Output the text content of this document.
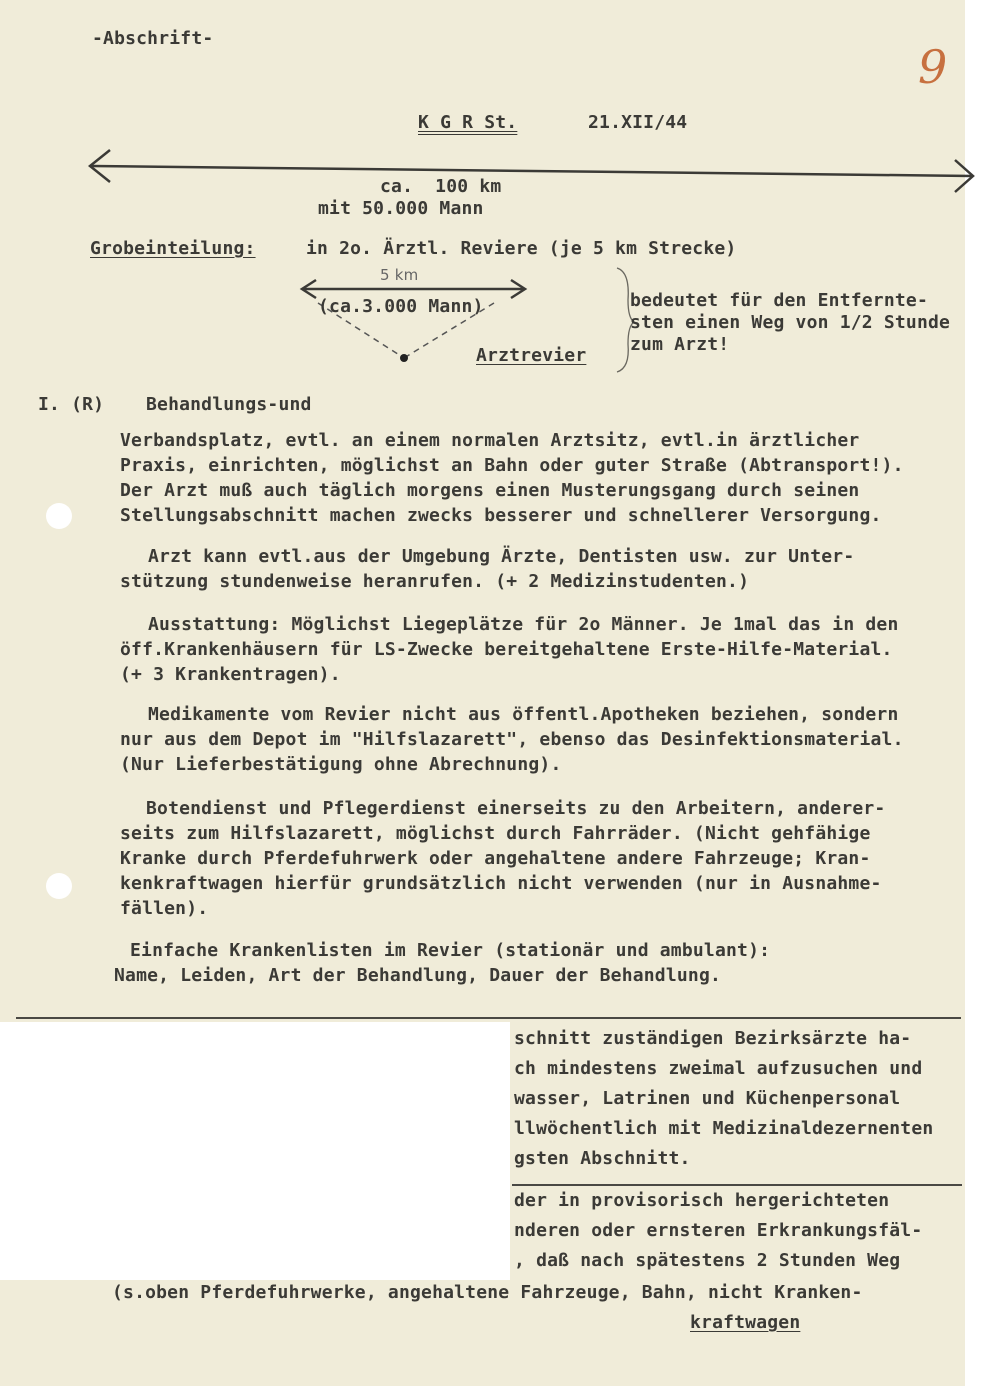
-Abschrift-
9
K G R St.	21.XII/44
ca.  100 km
mit 50.000 Mann
Grobeinteilung:	in 2o. Ärztl. Reviere (je 5 km Strecke)
5 km
(ca.3.000 Mann)
Arztrevier
bedeutet für den Entfernte-
sten einen Weg von 1/2 Stunde
zum Arzt!
I. (R) Behandlungs-und
Verbandsplatz, evtl. an einem normalen Arztsitz, evtl.in ärztlicher
Praxis, einrichten, möglichst an Bahn oder guter Straße (Abtransport!).
Der Arzt muß auch täglich morgens einen Musterungsgang durch seinen
Stellungsabschnitt machen zwecks besserer und schnellerer Versorgung.
Arzt kann evtl.aus der Umgebung Ärzte, Dentisten usw. zur Unter-
stützung stundenweise heranrufen. (+ 2 Medizinstudenten.)
Ausstattung: Möglichst Liegeplätze für 2o Männer. Je 1mal das in den
öff.Krankenhäusern für LS-Zwecke bereitgehaltene Erste-Hilfe-Material.
(+ 3 Krankentragen).
Medikamente vom Revier nicht aus öffentl.Apotheken beziehen, sondern
nur aus dem Depot im "Hilfslazarett", ebenso das Desinfektionsmaterial.
(Nur Lieferbestätigung ohne Abrechnung).
Botendienst und Pflegerdienst einerseits zu den Arbeitern, anderer-
seits zum Hilfslazarett, möglichst durch Fahrräder. (Nicht gehfähige
Kranke durch Pferdefuhrwerk oder angehaltene andere Fahrzeuge; Kran-
kenkraftwagen hierfür grundsätzlich nicht verwenden (nur in Ausnahme-
fällen).
Einfache Krankenlisten im Revier (stationär und ambulant):
Name, Leiden, Art der Behandlung, Dauer der Behandlung.
schnitt zuständigen Bezirksärzte ha-
ch mindestens zweimal aufzusuchen und
wasser, Latrinen und Küchenpersonal
llwöchentlich mit Medizinaldezernenten
gsten Abschnitt.
der in provisorisch hergerichteten
nderen oder ernsteren Erkrankungsfäl-
, daß nach spätestens 2 Stunden Weg
(s.oben Pferdefuhrwerke, angehaltene Fahrzeuge, Bahn, nicht Kranken-
kraftwagen
